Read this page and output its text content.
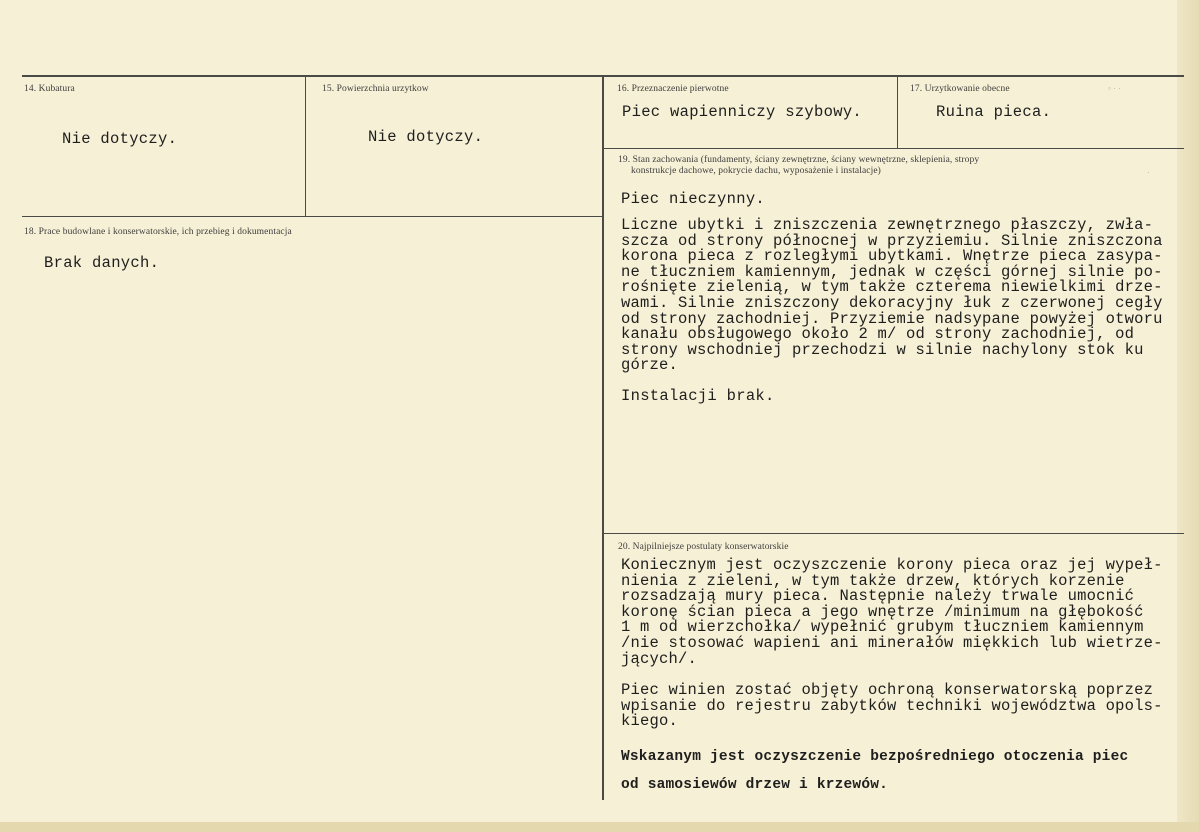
▫ · ·
·
14. Kubatura
Nie dotyczy.
15. Powierzchnia urzytkow
Nie dotyczy.
16. Przeznaczenie pierwotne
Piec wapienniczy szybowy.
17. Urzytkowanie obecne
Ruina pieca.
18. Prace budowlane i konserwatorskie, ich przebieg i dokumentacja
Brak danych.
19. Stan zachowania (fundamenty, ściany zewnętrzne, ściany wewnętrzne, sklepienia, stropy
konstrukcje dachowe, pokrycie dachu, wyposażenie i instalacje)
Piec nieczynny.
Liczne ubytki i zniszczenia zewnętrznego płaszczy, zwła-
szcza od strony północnej w przyziemiu. Silnie zniszczona
korona pieca z rozległymi ubytkami. Wnętrze pieca zasypa-
ne tłuczniem kamiennym, jednak w części górnej silnie po-
rośnięte zielenią, w tym także czterema niewielkimi drze-
wami. Silnie zniszczony dekoracyjny łuk z czerwonej cegły
od strony zachodniej. Przyziemie nadsypane powyżej otworu
kanału obsługowego około 2 m/ od strony zachodniej, od
strony wschodniej przechodzi w silnie nachylony stok ku
górze.
Instalacji brak.
20. Najpilniejsze postulaty konserwatorskie
Koniecznym jest oczyszczenie korony pieca oraz jej wypeł-
nienia z zieleni, w tym także drzew, których korzenie
rozsadzają mury pieca. Następnie należy trwale umocnić
koronę ścian pieca a jego wnętrze /minimum na głębokość
1 m od wierzchołka/ wypełnić grubym tłuczniem kamiennym
/nie stosować wapieni ani minerałów miękkich lub wietrze-
jących/.
Piec winien zostać objęty ochroną konserwatorską poprzez
wpisanie do rejestru zabytków techniki województwa opols-
kiego.
Wskazanym jest oczyszczenie bezpośredniego otoczenia piec
od samosiewów drzew i krzewów.
